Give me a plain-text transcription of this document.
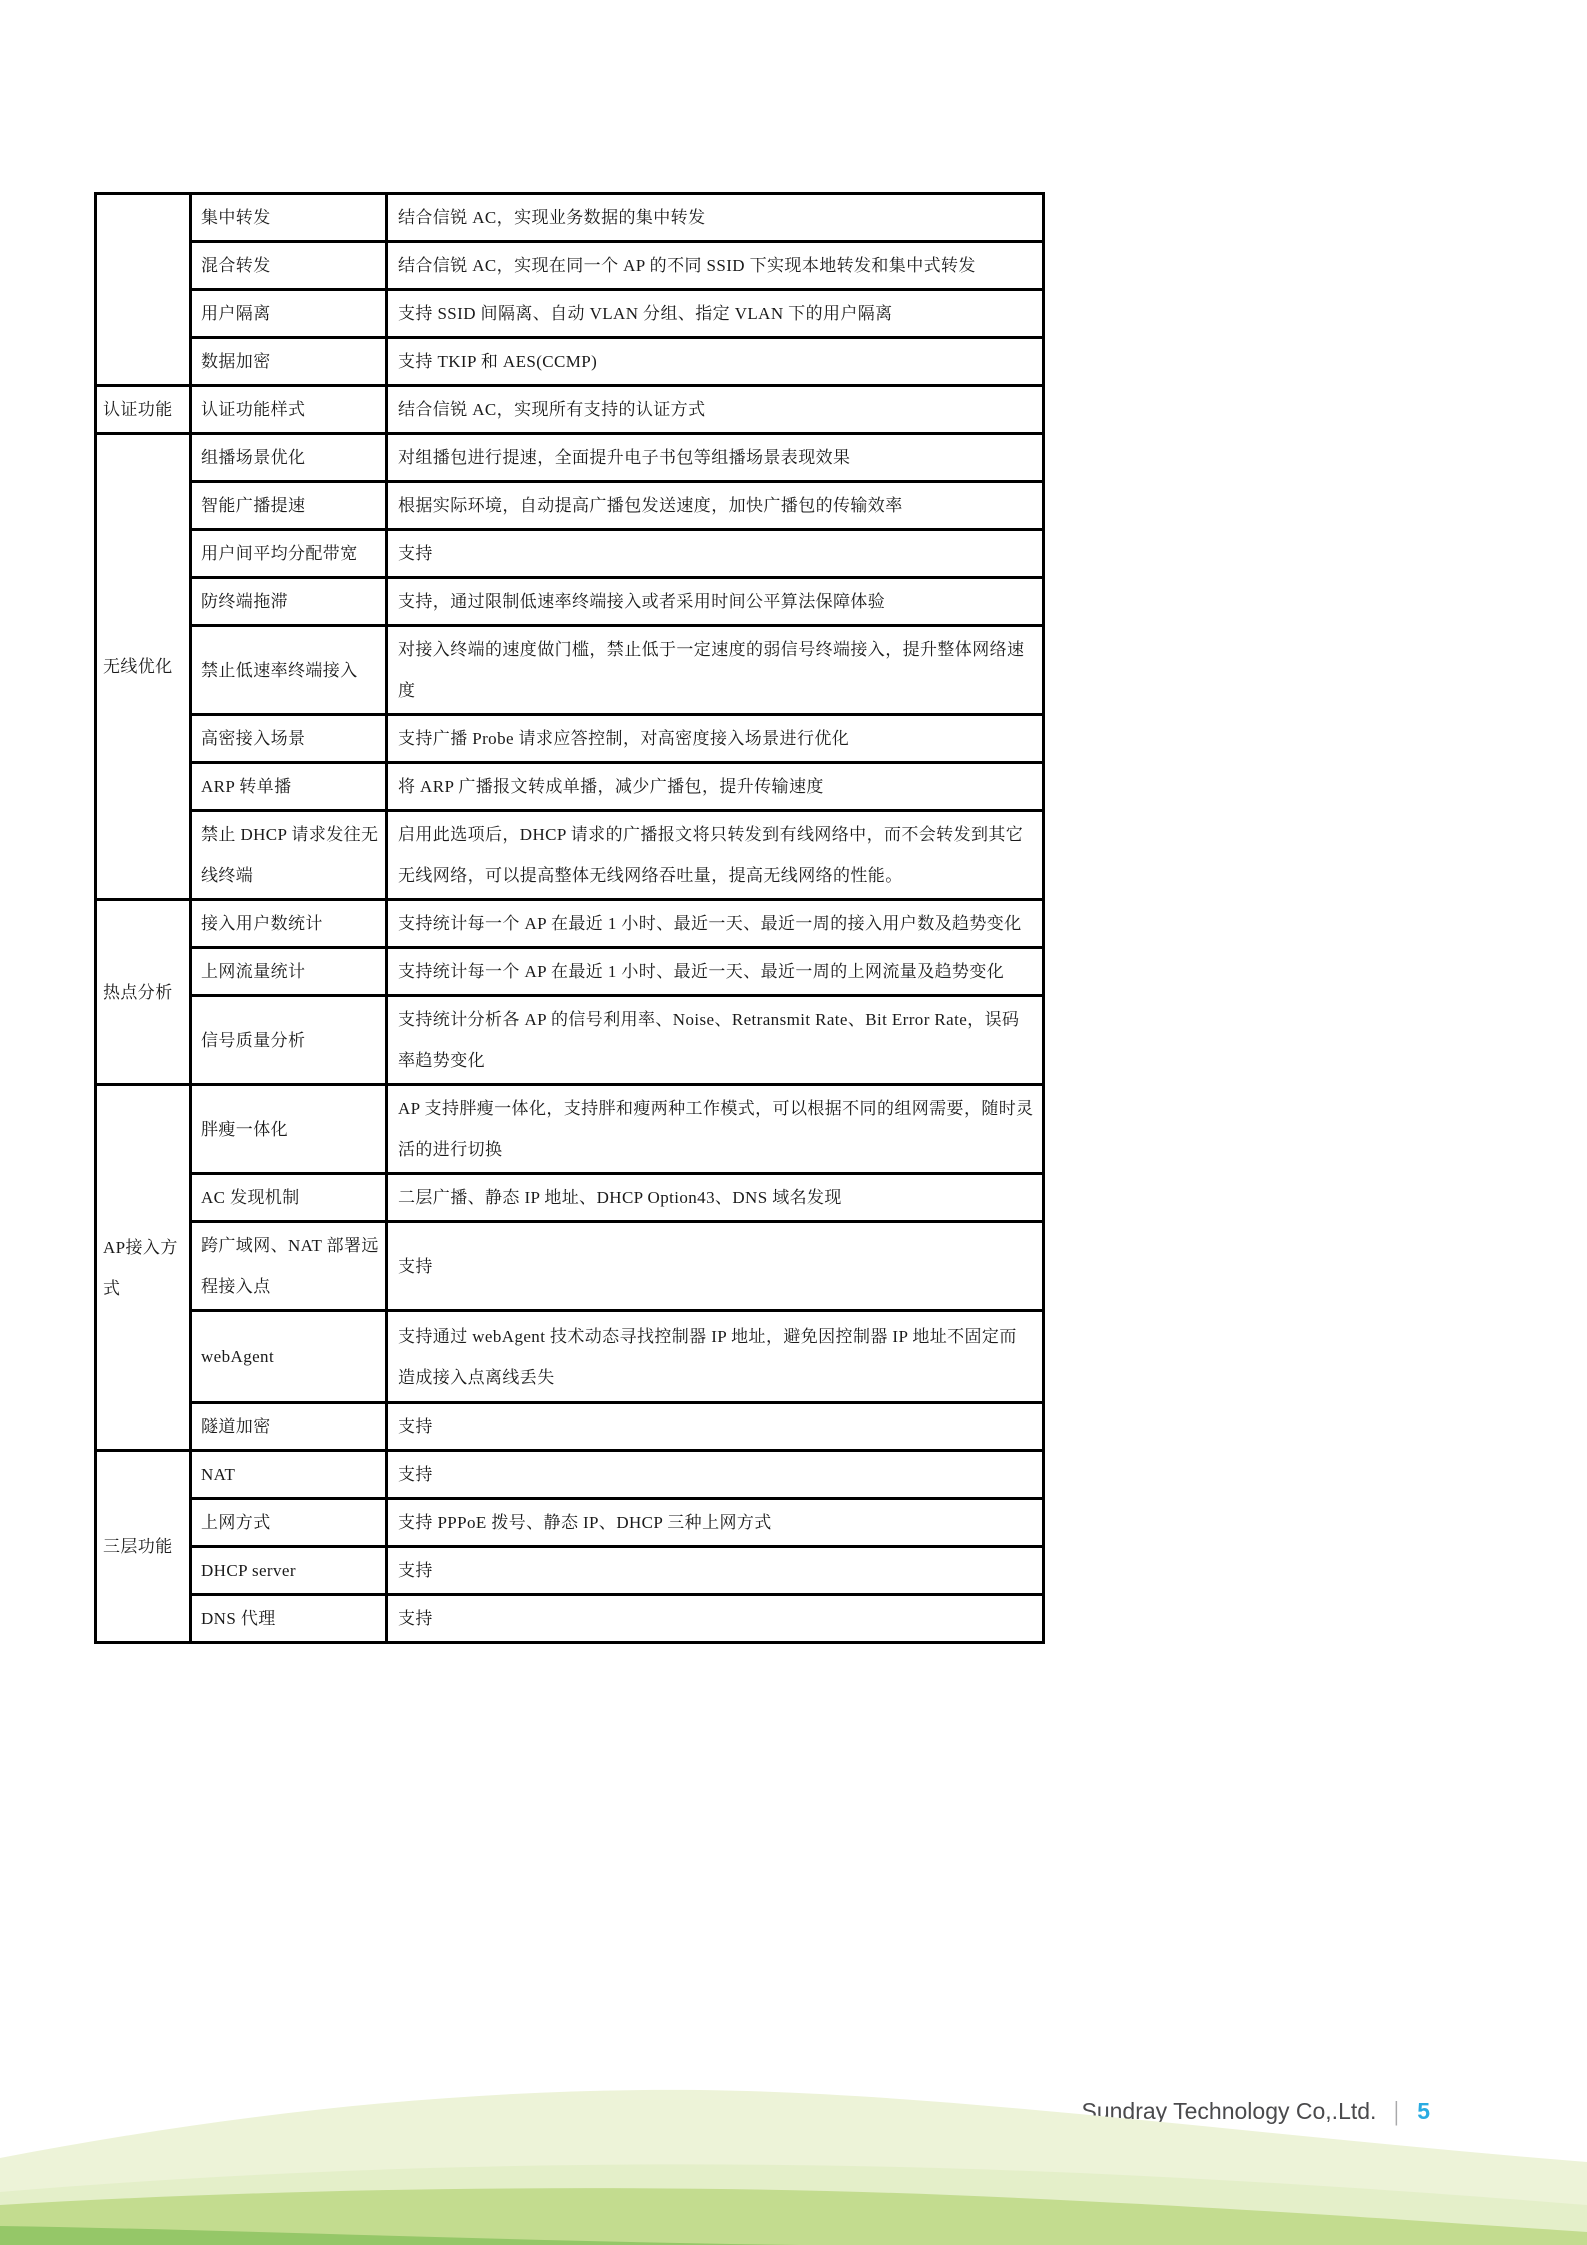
	集中转发	结合信锐 AC，实现业务数据的集中转发
	混合转发	结合信锐 AC，实现在同一个 AP 的不同 SSID 下实现本地转发和集中式转发
	用户隔离	支持 SSID 间隔离、自动 VLAN 分组、指定 VLAN 下的用户隔离
	数据加密	支持 TKIP 和 AES(CCMP)
认证功能	认证功能样式	结合信锐 AC，实现所有支持的认证方式
无线优化	组播场景优化	对组播包进行提速，全面提升电子书包等组播场景表现效果
	智能广播提速	根据实际环境，自动提高广播包发送速度，加快广播包的传输效率
	用户间平均分配带宽	支持
	防终端拖滞	支持，通过限制低速率终端接入或者采用时间公平算法保障体验
	禁止低速率终端接入	对接入终端的速度做门槛，禁止低于一定速度的弱信号终端接入，提升整体网络速度
	高密接入场景	支持广播 Probe 请求应答控制，对高密度接入场景进行优化
	ARP 转单播	将 ARP 广播报文转成单播，减少广播包，提升传输速度
	禁止 DHCP 请求发往无线终端	启用此选项后，DHCP 请求的广播报文将只转发到有线网络中，而不会转发到其它无线网络，可以提高整体无线网络吞吐量，提高无线网络的性能。
热点分析	接入用户数统计	支持统计每一个 AP 在最近 1 小时、最近一天、最近一周的接入用户数及趋势变化
	上网流量统计	支持统计每一个 AP 在最近 1 小时、最近一天、最近一周的上网流量及趋势变化
	信号质量分析	支持统计分析各 AP 的信号利用率、Noise、Retransmit Rate、Bit Error Rate，误码率趋势变化
AP接入方式	胖瘦一体化	AP 支持胖瘦一体化，支持胖和瘦两种工作模式，可以根据不同的组网需要，随时灵活的进行切换
	AC 发现机制	二层广播、静态 IP 地址、DHCP Option43、DNS 域名发现
	跨广域网、NAT 部署远程接入点	支持
	webAgent	支持通过 webAgent 技术动态寻找控制器 IP 地址，避免因控制器 IP 地址不固定而造成接入点离线丢失
	隧道加密	支持
三层功能	NAT	支持
	上网方式	支持 PPPoE 拨号、静态 IP、DHCP 三种上网方式
	DHCP server	支持
	DNS 代理	支持
Sundray Technology Co,.Ltd. | 5
